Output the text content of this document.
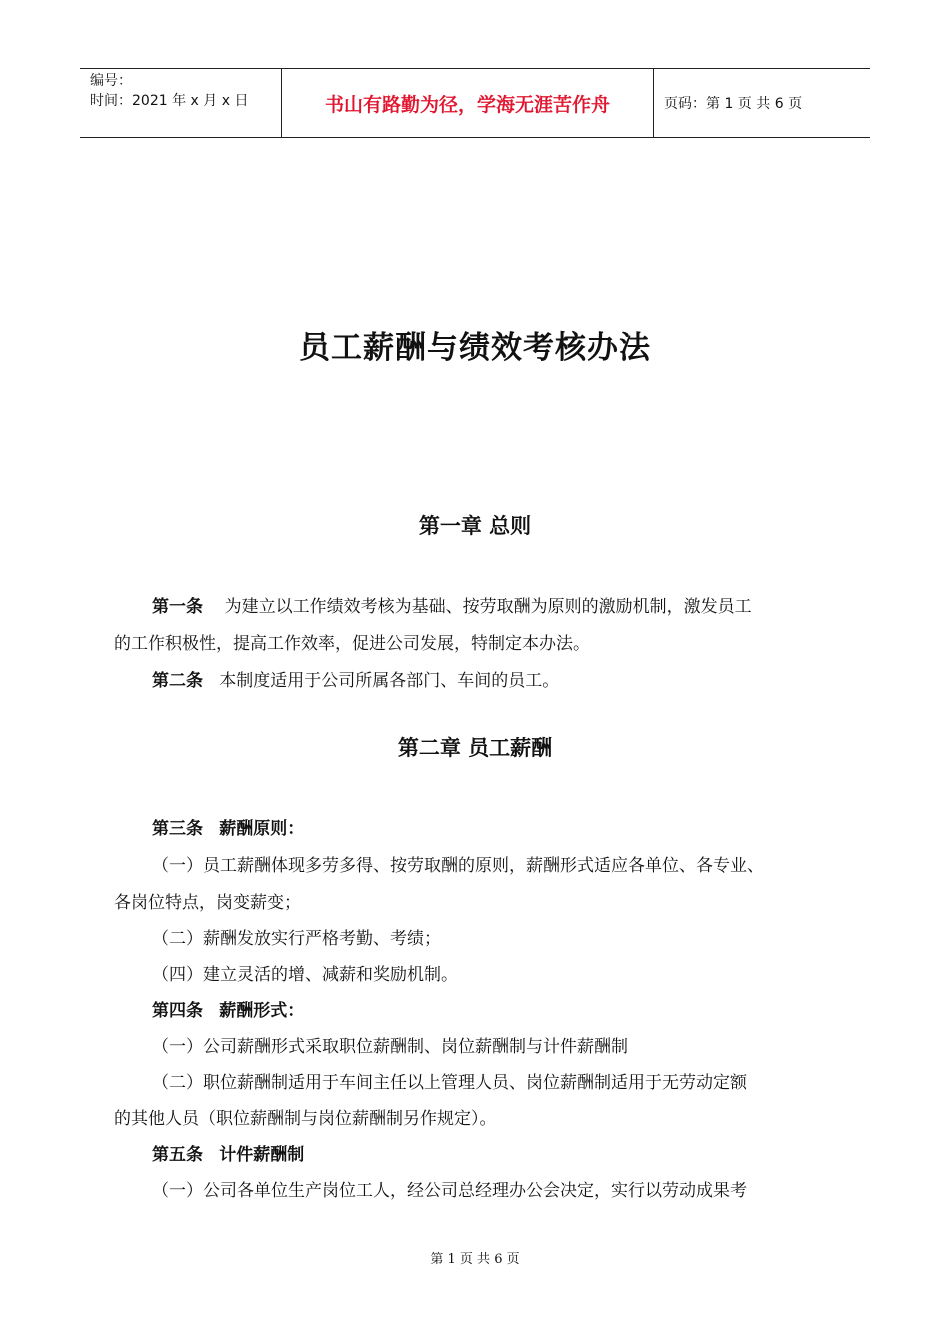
编号：
时间：2021 年 x 月 x 日	书山有路勤为径，学海无涯苦作舟	页码：第 1 页 共 6 页
员工薪酬与绩效考核办法
第一章 总则
第一条 为建立以工作绩效考核为基础、按劳取酬为原则的激励机制，激发员工
的工作积极性，提高工作效率，促进公司发展，特制定本办法。
第二条 本制度适用于公司所属各部门、车间的员工。
第二章 员工薪酬
第三条 薪酬原则：
（一）员工薪酬体现多劳多得、按劳取酬的原则，薪酬形式适应各单位、各专业、
各岗位特点，岗变薪变；
（二）薪酬发放实行严格考勤、考绩；
（四）建立灵活的增、减薪和奖励机制。
第四条 薪酬形式：
（一）公司薪酬形式采取职位薪酬制、岗位薪酬制与计件薪酬制
（二）职位薪酬制适用于车间主任以上管理人员、岗位薪酬制适用于无劳动定额
的其他人员（职位薪酬制与岗位薪酬制另作规定）。
第五条 计件薪酬制
（一）公司各单位生产岗位工人，经公司总经理办公会决定，实行以劳动成果考
第 1 页 共 6 页
